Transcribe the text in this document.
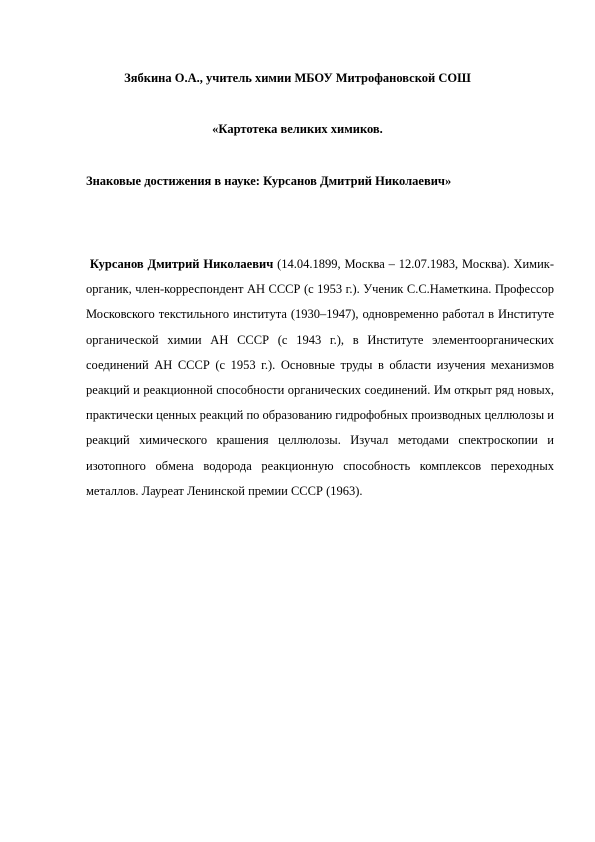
Зябкина О.А., учитель химии МБОУ Митрофановской СОШ
«Картотека великих химиков.
Знаковые достижения в науке: Курсанов Дмитрий Николаевич»
Курсанов Дмитрий Николаевич (14.04.1899, Москва – 12.07.1983, Москва). Химик-органик, член-корреспондент АН СССР (с 1953 г.). Ученик С.С.Наметкина. Профессор Московского текстильного института (1930–1947), одновременно работал в Институте органической химии АН СССР (с 1943 г.), в Институте элементоорганических соединений АН СССР (с 1953 г.). Основные труды в области изучения механизмов реакций и реакционной способности органических соединений. Им открыт ряд новых, практически ценных реакций по образованию гидрофобных производных целлюлозы и реакций химического крашения целлюлозы. Изучал методами спектроскопии и изотопного обмена водорода реакционную способность комплексов переходных металлов. Лауреат Ленинской премии СССР (1963).
